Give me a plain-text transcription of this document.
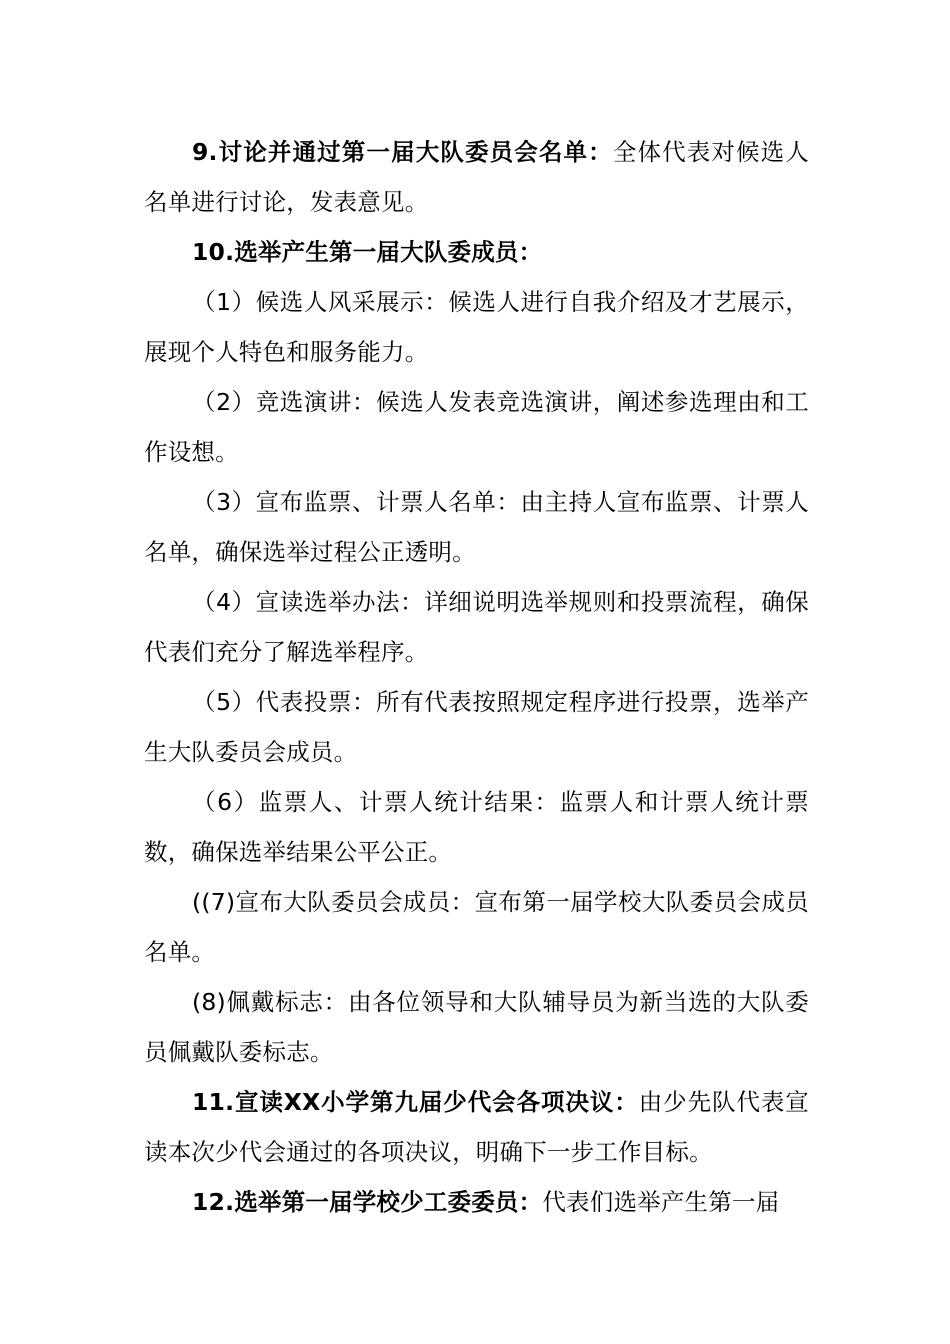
9.讨论并通过第一届大队委员会名单：全体代表对候选人名单进行讨论，发表意见。

10.选举产生第一届大队委成员：

（1）候选人风采展示：候选人进行自我介绍及才艺展示，展现个人特色和服务能力。

（2）竞选演讲：候选人发表竞选演讲，阐述参选理由和工作设想。

（3）宣布监票、计票人名单：由主持人宣布监票、计票人名单，确保选举过程公正透明。

（4）宣读选举办法：详细说明选举规则和投票流程，确保代表们充分了解选举程序。

（5）代表投票：所有代表按照规定程序进行投票，选举产生大队委员会成员。

（6）监票人、计票人统计结果：监票人和计票人统计票数，确保选举结果公平公正。

((7)宣布大队委员会成员：宣布第一届学校大队委员会成员名单。

(8)佩戴标志：由各位领导和大队辅导员为新当选的大队委员佩戴队委标志。

11.宣读XX小学第九届少代会各项决议：由少先队代表宣读本次少代会通过的各项决议，明确下一步工作目标。

12.选举第一届学校少工委委员：代表们选举产生第一届
